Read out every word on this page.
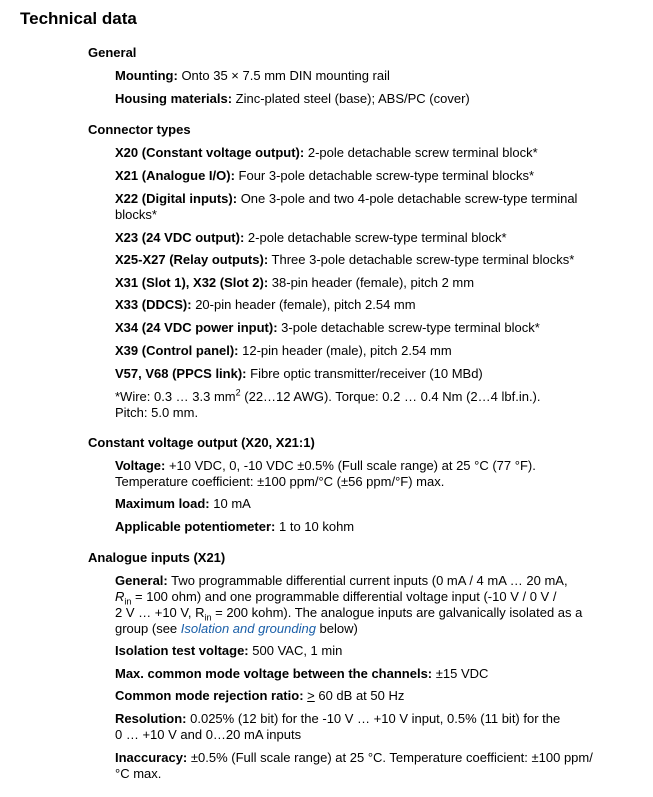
Technical data
General

Mounting: Onto 35 × 7.5 mm DIN mounting rail

Housing materials: Zinc-plated steel (base); ABS/PC (cover)

Connector types

X20 (Constant voltage output): 2-pole detachable screw terminal block*

X21 (Analogue I/O): Four 3-pole detachable screw-type terminal blocks*

X22 (Digital inputs): One 3-pole and two 4-pole detachable screw-type terminal blocks*

X23 (24 VDC output): 2-pole detachable screw-type terminal block*

X25-X27 (Relay outputs): Three 3-pole detachable screw-type terminal blocks*

X31 (Slot 1), X32 (Slot 2): 38-pin header (female), pitch 2 mm

X33 (DDCS): 20-pin header (female), pitch 2.54 mm

X34 (24 VDC power input): 3-pole detachable screw-type terminal block*

X39 (Control panel): 12-pin header (male), pitch 2.54 mm

V57, V68 (PPCS link): Fibre optic transmitter/receiver (10 MBd)

*Wire: 0.3 … 3.3 $mm^2$ (22…12 AWG). Torque: 0.2 … 0.4 Nm (2…4 lbf.in.).
Pitch: 5.0 mm.

Constant voltage output (X20, X21:1)

Voltage: +10 VDC, 0, -10 VDC ±0.5% (Full scale range) at 25 °C (77 °F).
Temperature coefficient: ±100 ppm/°C (±56 ppm/°F) max.

Maximum load: 10 mA

Applicable potentiometer: 1 to 10 kohm

Analogue inputs (X21)

General: Two programmable differential current inputs (0 mA / 4 mA … 20 mA,
$R_{in} = 100$ ohm) and one programmable differential voltage input (-10 V / 0 V /
2 V … +10 V, $R_{in} = 200$ kohm). The analogue inputs are galvanically isolated as a
group (see Isolation and grounding below)

Isolation test voltage: 500 VAC, 1 min

Max. common mode voltage between the channels: ±15 VDC

Common mode rejection ratio: > 60 dB at 50 Hz

Resolution: 0.025% (12 bit) for the -10 V … +10 V input, 0.5% (11 bit) for the
0 … +10 V and 0…20 mA inputs

Inaccuracy: ±0.5% (Full scale range) at 25 °C. Temperature coefficient: ±100 ppm/
°C max.
